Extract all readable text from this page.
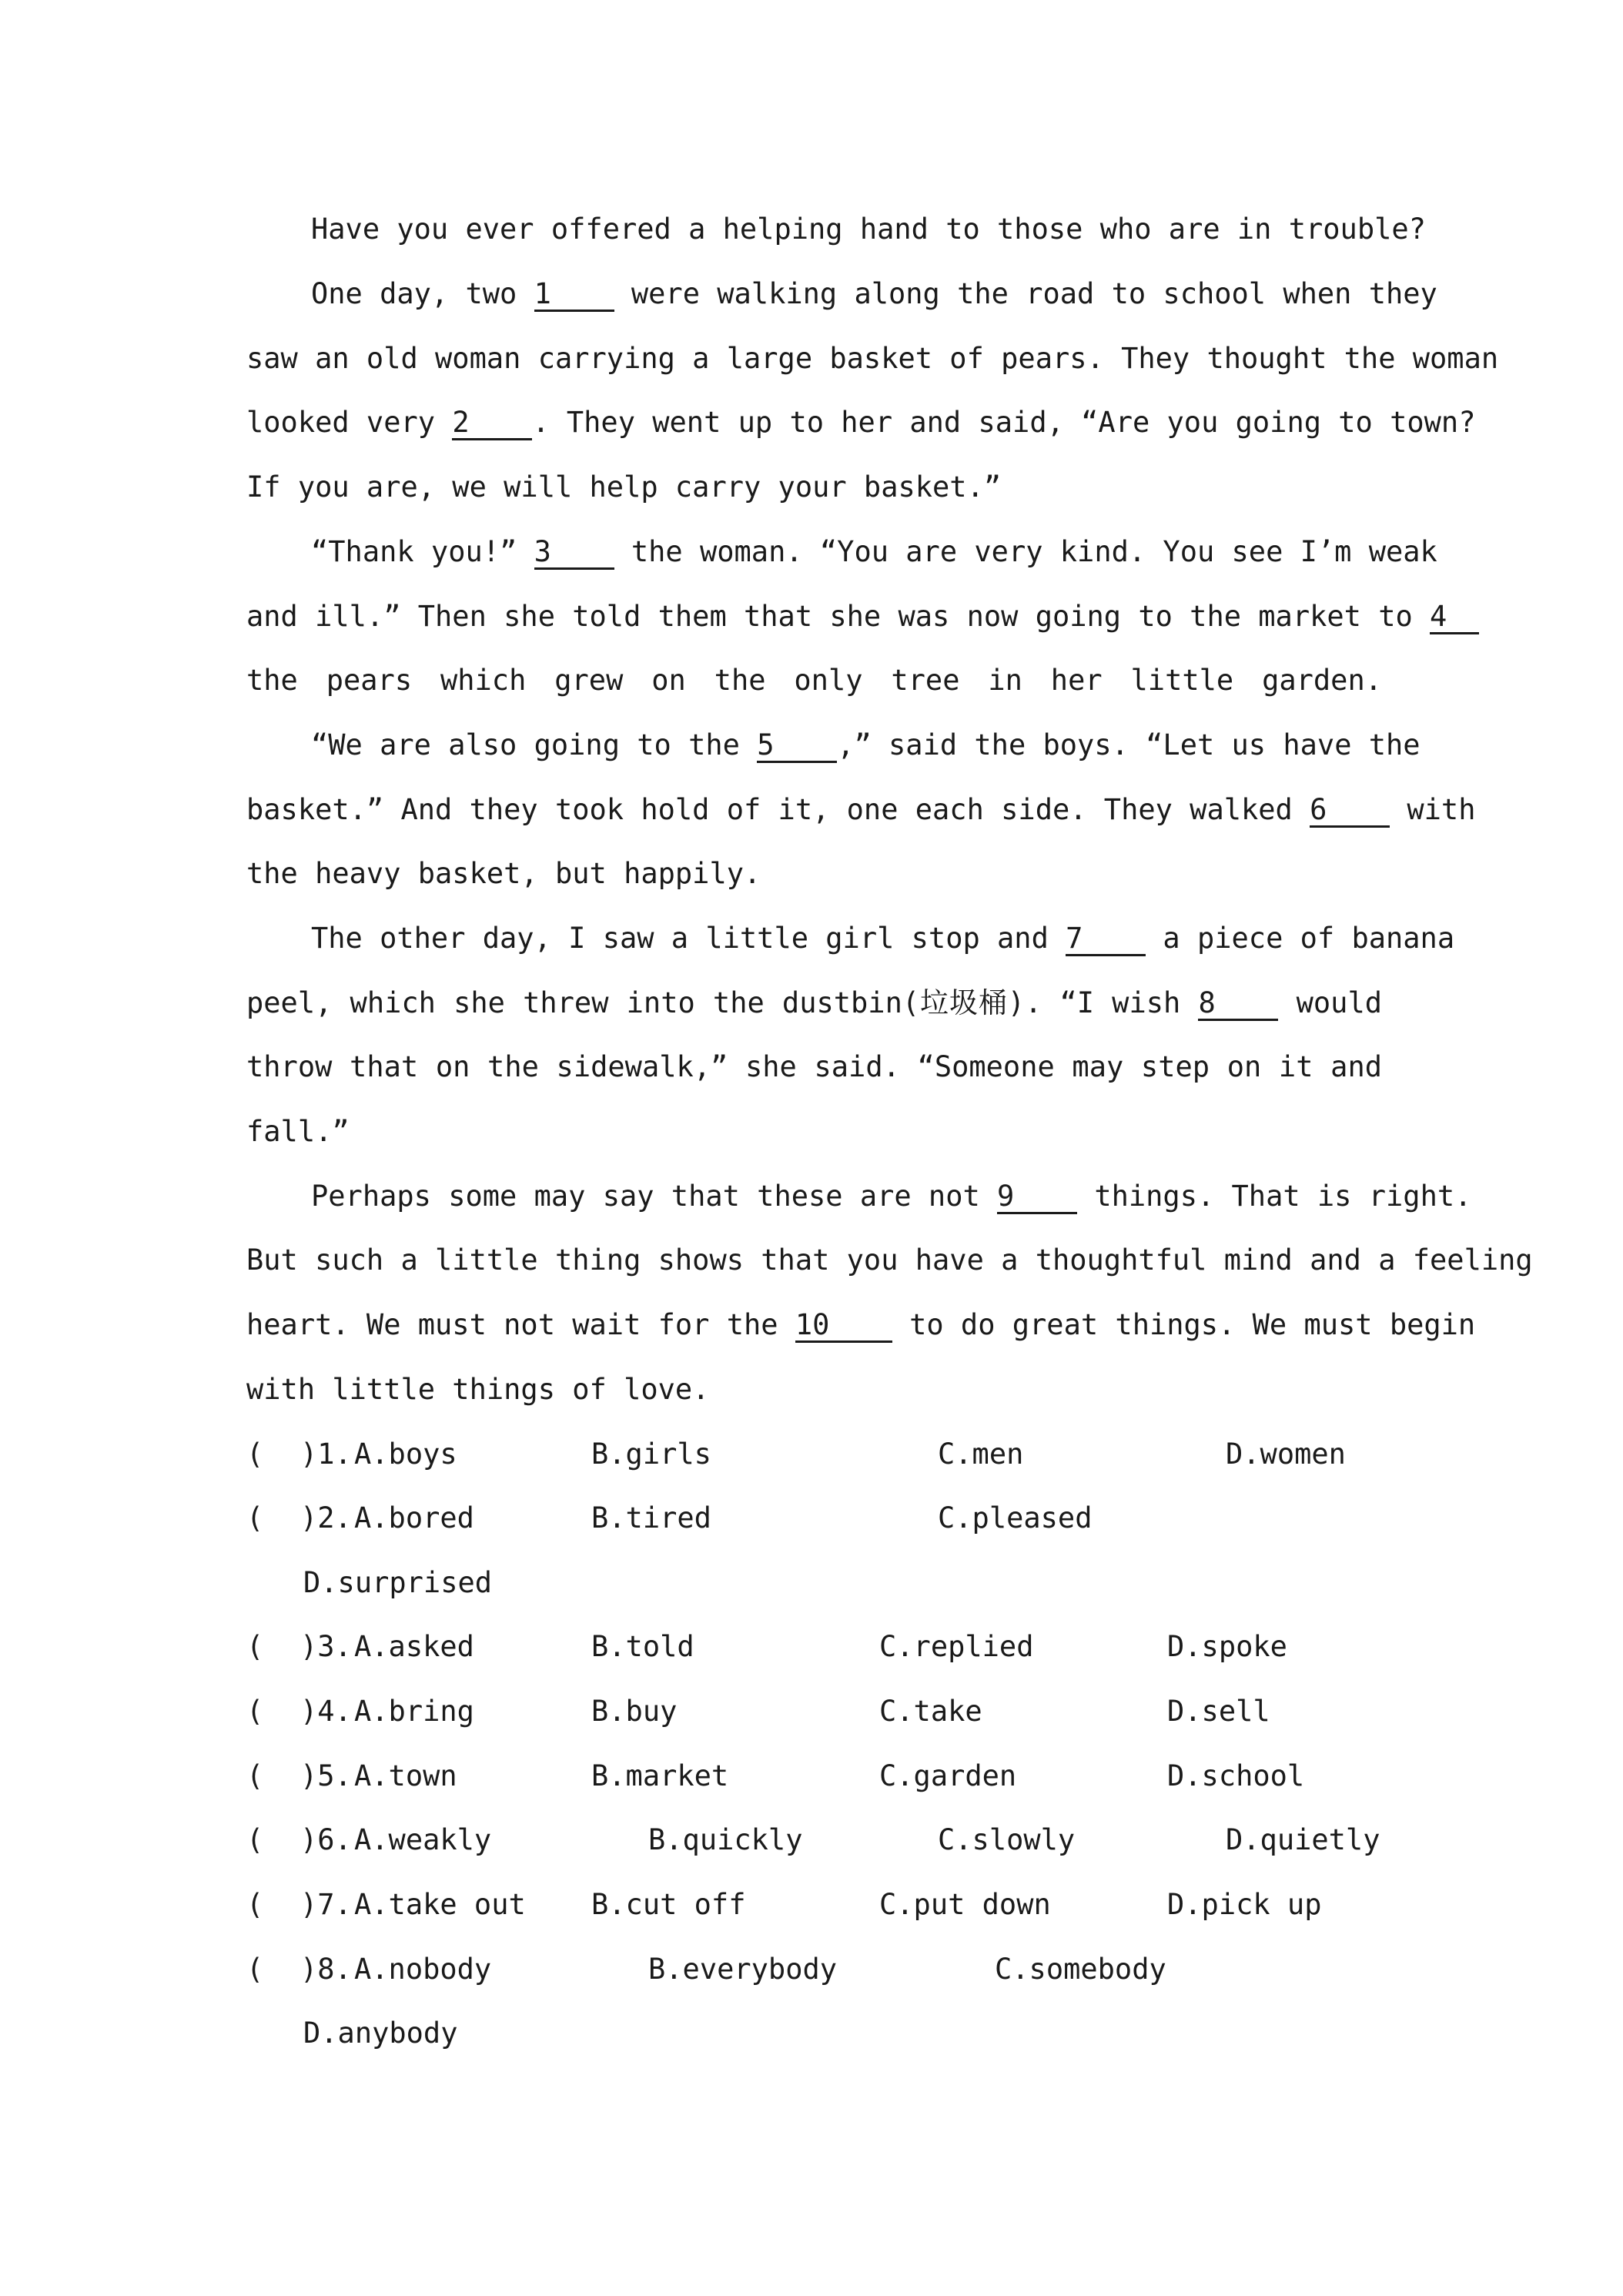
Have you ever offered a helping hand to those who are in trouble?
One day, two 1 were walking along the road to school when they
saw an old woman carrying a large basket of pears. They thought the woman
looked very 2 . They went up to her and said, “Are you going to town?
If you are, we will help carry your basket.”
“Thank you!” 3 the woman. “You are very kind. You see I’m weak
and ill.” Then she told them that she was now going to the market to 4
the pears which grew on the only tree in her little garden.
“We are also going to the 5 ,” said the boys. “Let us have the
basket.” And they took hold of it, one each side. They walked 6 with
the heavy basket, but happily.
The other day, I saw a little girl stop and 7 a piece of banana
peel, which she threw into the dustbin(垃圾桶). “I wish 8 would
throw that on the sidewalk,” she said. “Someone may step on it and
fall.”
Perhaps some may say that these are not 9 things. That is right.
But such a little thing shows that you have a thoughtful mind and a feeling
heart. We must not wait for the 10 to do great things. We must begin
with little things of love.
( )1. A.boys	B.girls	C.men	D.women
( )2. A.bored	B.tired	C.pleased
D.surprised
( )3. A.asked	B.told	C.replied	D.spoke
( )4. A.bring	B.buy	C.take	D.sell
( )5. A.town	B.market	C.garden	D.school
( )6. A.weakly	B.quickly	C.slowly	D.quietly
( )7. A.take out B.cut off	C.put down	D.pick up
( )8. A.nobody	B.everybody	C.somebody
D.anybody
